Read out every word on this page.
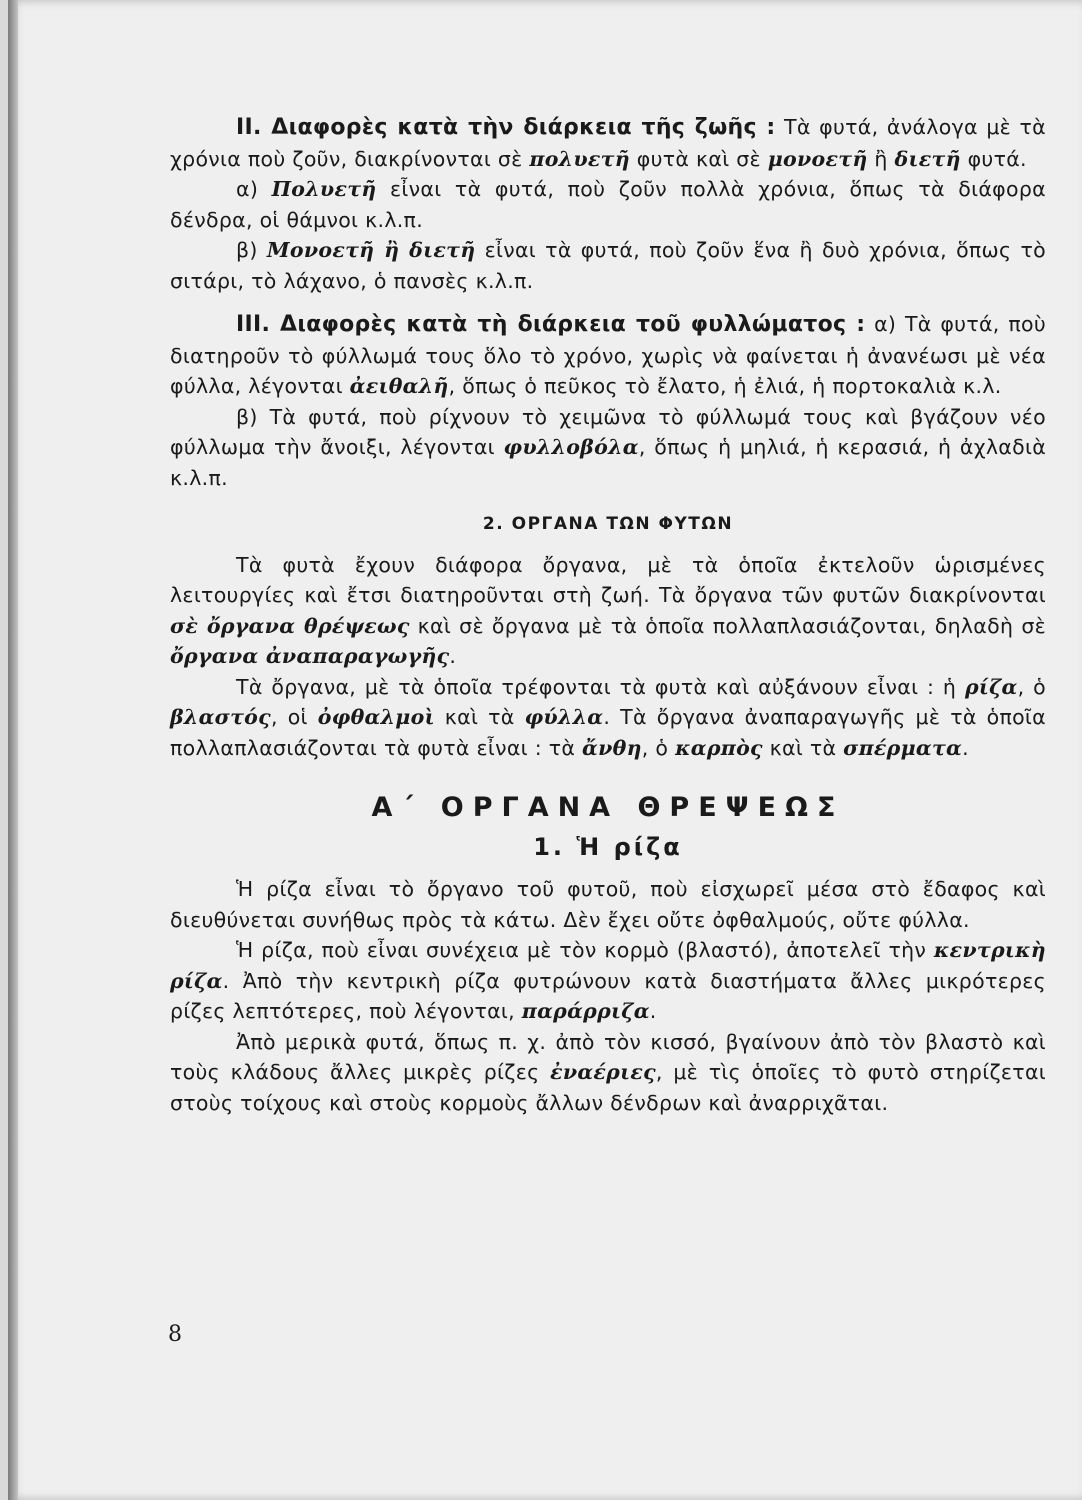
II. Διαφορὲς κατὰ τὴν διάρκεια τῆς ζωῆς : Τὰ φυτά, ἀνάλογα μὲ τὰ χρόνια ποὺ ζοῦν, διακρίνονται σὲ πολυετῆ φυτὰ καὶ σὲ μονοετῆ ἢ διετῆ φυτά.

α) Πολυετῆ εἶναι τὰ φυτά, ποὺ ζοῦν πολλὰ χρόνια, ὅπως τὰ διάφορα δένδρα, οἱ θάμνοι κ.λ.π.

β) Μονοετῆ ἢ διετῆ εἶναι τὰ φυτά, ποὺ ζοῦν ἕνα ἢ δυὸ χρόνια, ὅπως τὸ σιτάρι, τὸ λάχανο, ὁ πανσὲς κ.λ.π.

III. Διαφορὲς κατὰ τὴ διάρκεια τοῦ φυλλώματος : α) Τὰ φυτά, ποὺ διατηροῦν τὸ φύλλωμά τους ὅλο τὸ χρόνο, χωρὶς νὰ φαίνεται ἡ ἀνανέωσι μὲ νέα φύλλα, λέγονται ἀειθαλῆ, ὅπως ὁ πεῦκος τὸ ἔλατο, ἡ ἐλιά, ἡ πορτοκαλιὰ κ.λ.

β) Τὰ φυτά, ποὺ ρίχνουν τὸ χειμῶνα τὸ φύλλωμά τους καὶ βγάζουν νέο φύλλωμα τὴν ἄνοιξι, λέγονται φυλλοβόλα, ὅπως ἡ μηλιά, ἡ κερασιά, ἡ ἀχλαδιὰ κ.λ.π.

2. ΟΡΓΑΝΑ ΤΩΝ ΦΥΤΩΝ

Τὰ φυτὰ ἔχουν διάφορα ὄργανα, μὲ τὰ ὁποῖα ἐκτελοῦν ὡρισμένες λειτουργίες καὶ ἔτσι διατηροῦνται στὴ ζωή. Τὰ ὄργανα τῶν φυτῶν διακρίνονται σὲ ὄργανα θρέψεως καὶ σὲ ὄργανα μὲ τὰ ὁποῖα πολλαπλασιάζονται, δηλαδὴ σὲ ὄργανα ἀναπαραγωγῆς.

Τὰ ὄργανα, μὲ τὰ ὁποῖα τρέφονται τὰ φυτὰ καὶ αὐξάνουν εἶναι : ἡ ρίζα, ὁ βλαστός, οἱ ὀφθαλμοὶ καὶ τὰ φύλλα. Τὰ ὄργανα ἀναπαραγωγῆς μὲ τὰ ὁποῖα πολλαπλασιάζονται τὰ φυτὰ εἶναι : τὰ ἄνθη, ὁ καρπὸς καὶ τὰ σπέρματα.

Α΄ ΟΡΓΑΝΑ ΘΡΕΨΕΩΣ
1. Ἡ ρίζα

Ἡ ρίζα εἶναι τὸ ὄργανο τοῦ φυτοῦ, ποὺ εἰσχωρεῖ μέσα στὸ ἔδαφος καὶ διευθύνεται συνήθως πρὸς τὰ κάτω. Δὲν ἔχει οὔτε ὀφθαλμούς, οὔτε φύλλα.

Ἡ ρίζα, ποὺ εἶναι συνέχεια μὲ τὸν κορμὸ (βλαστό), ἀποτελεῖ τὴν κεντρικὴ ρίζα. Ἀπὸ τὴν κεντρικὴ ρίζα φυτρώνουν κατὰ διαστήματα ἄλλες μικρότερες ρίζες λεπτότερες, ποὺ λέγονται, παράρριζα.

Ἀπὸ μερικὰ φυτά, ὅπως π. χ. ἀπὸ τὸν κισσό, βγαίνουν ἀπὸ τὸν βλαστὸ καὶ τοὺς κλάδους ἄλλες μικρὲς ρίζες ἐναέριες, μὲ τὶς ὁποῖες τὸ φυτὸ στηρίζεται στοὺς τοίχους καὶ στοὺς κορμοὺς ἄλλων δένδρων καὶ ἀναρριχᾶται.

8
